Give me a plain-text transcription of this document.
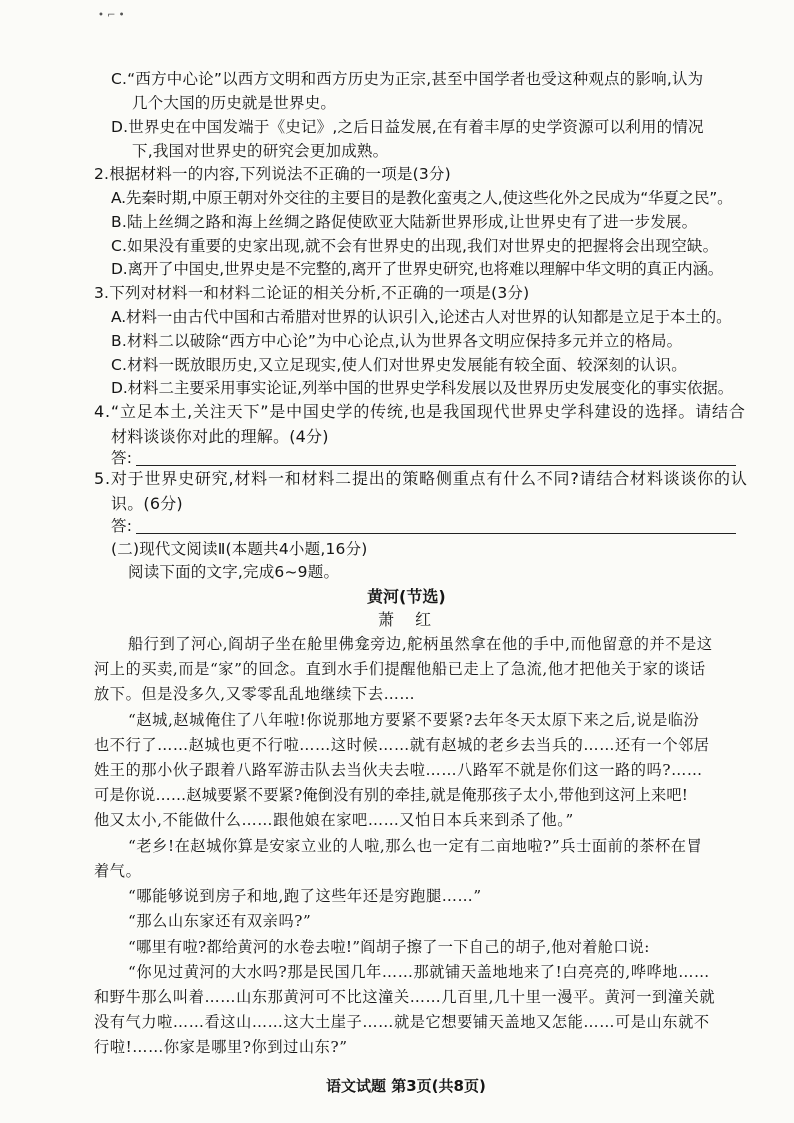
• ⌐ •
C.“西方中心论”以西方文明和西方历史为正宗,甚至中国学者也受这种观点的影响,认为
几个大国的历史就是世界史。
D.世界史在中国发端于《史记》,之后日益发展,在有着丰厚的史学资源可以利用的情况
下,我国对世界史的研究会更加成熟。
2.根据材料一的内容,下列说法不正确的一项是(3分)
A.先秦时期,中原王朝对外交往的主要目的是教化蛮夷之人,使这些化外之民成为“华夏之民”。
B.陆上丝绸之路和海上丝绸之路促使欧亚大陆新世界形成,让世界史有了进一步发展。
C.如果没有重要的史家出现,就不会有世界史的出现,我们对世界史的把握将会出现空缺。
D.离开了中国史,世界史是不完整的,离开了世界史研究,也将难以理解中华文明的真正内涵。
3.下列对材料一和材料二论证的相关分析,不正确的一项是(3分)
A.材料一由古代中国和古希腊对世界的认识引入,论述古人对世界的认知都是立足于本土的。
B.材料二以破除“西方中心论”为中心论点,认为世界各文明应保持多元并立的格局。
C.材料一既放眼历史,又立足现实,使人们对世界史发展能有较全面、较深刻的认识。
D.材料二主要采用事实论证,列举中国的世界史学科发展以及世界历史发展变化的事实依据。
4.“立足本土,关注天下”是中国史学的传统,也是我国现代世界史学科建设的选择。请结合
材料谈谈你对此的理解。(4分)
答:
5.对于世界史研究,材料一和材料二提出的策略侧重点有什么不同?请结合材料谈谈你的认
识。(6分)
答:
(二)现代文阅读Ⅱ(本题共4小题,16分)
阅读下面的文字,完成6~9题。
黄河(节选)
萧 红
船行到了河心,阎胡子坐在舱里佛龛旁边,舵柄虽然拿在他的手中,而他留意的并不是这
河上的买卖,而是“家”的回念。直到水手们提醒他船已走上了急流,他才把他关于家的谈话
放下。但是没多久,又零零乱乱地继续下去……
“赵城,赵城俺住了八年啦!你说那地方要紧不要紧?去年冬天太原下来之后,说是临汾
也不行了……赵城也更不行啦……这时候……就有赵城的老乡去当兵的……还有一个邻居
姓王的那小伙子跟着八路军游击队去当伙夫去啦……八路军不就是你们这一路的吗?……
可是你说……赵城要紧不要紧?俺倒没有别的牵挂,就是俺那孩子太小,带他到这河上来吧!
他又太小,不能做什么……跟他娘在家吧……又怕日本兵来到杀了他。”
“老乡!在赵城你算是安家立业的人啦,那么也一定有二亩地啦?”兵士面前的茶杯在冒
着气。
“哪能够说到房子和地,跑了这些年还是穷跑腿……”
“那么山东家还有双亲吗?”
“哪里有啦?都给黄河的水卷去啦!”阎胡子擦了一下自己的胡子,他对着舱口说:
“你见过黄河的大水吗?那是民国几年……那就铺天盖地地来了!白亮亮的,哗哗地……
和野牛那么叫着……山东那黄河可不比这潼关……几百里,几十里一漫平。黄河一到潼关就
没有气力啦……看这山……这大土崖子……就是它想要铺天盖地又怎能……可是山东就不
行啦!……你家是哪里?你到过山东?”
语文试题 第3页(共8页)
